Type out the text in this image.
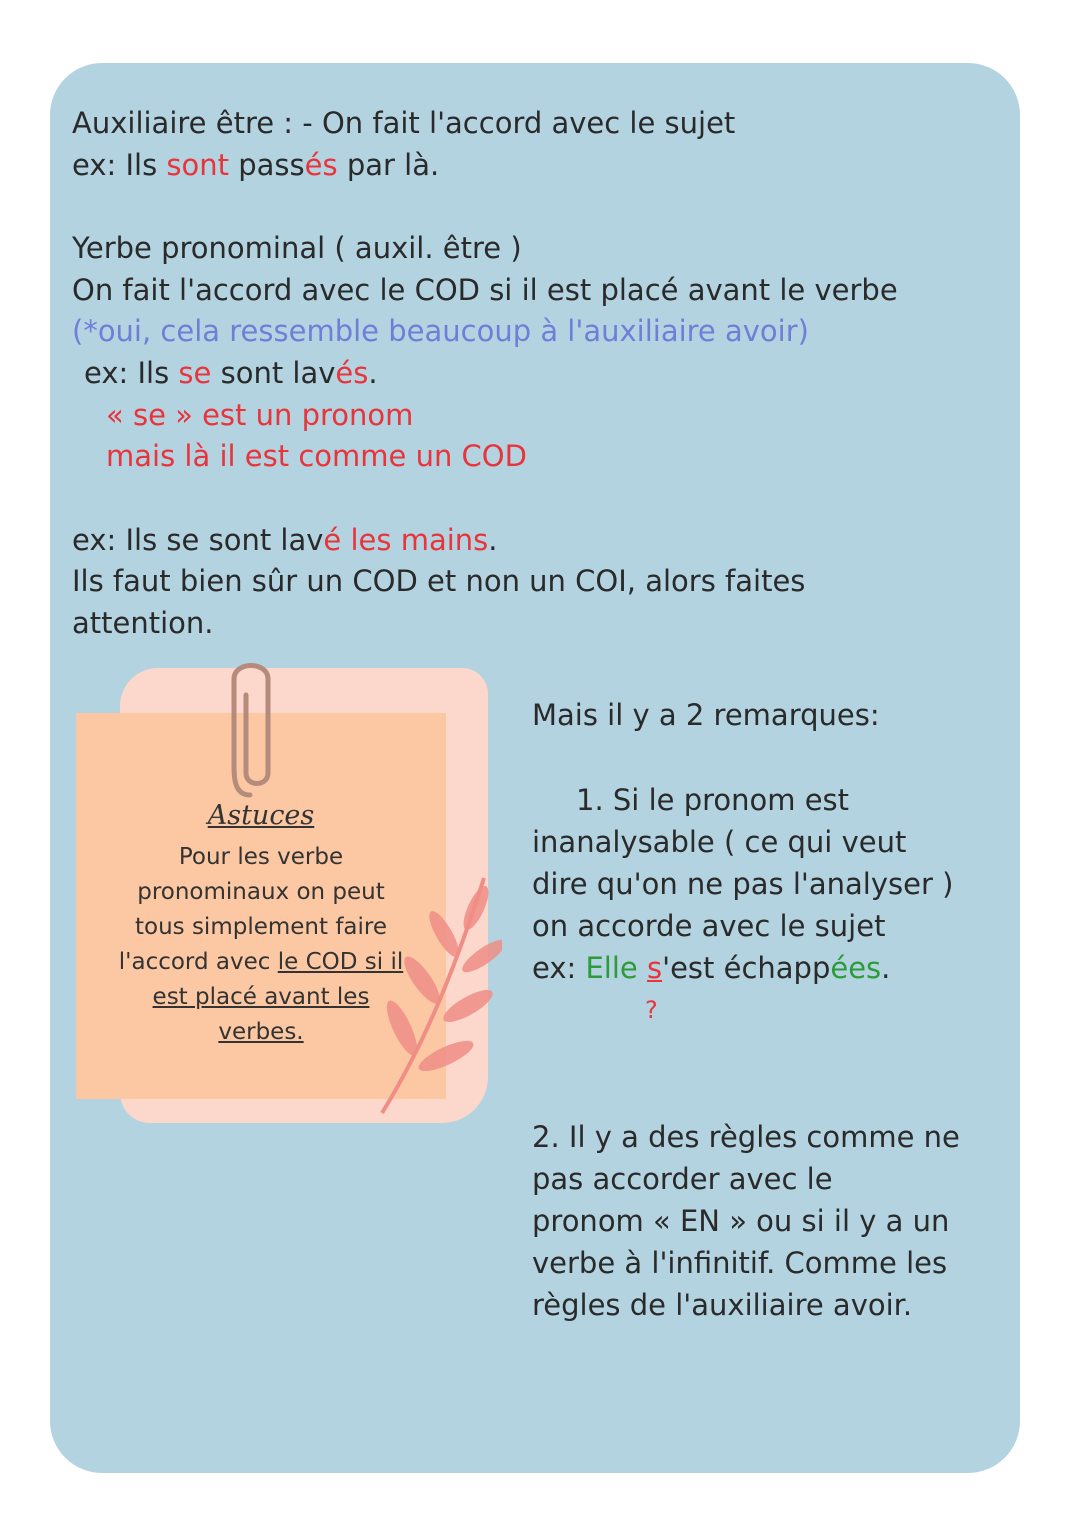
Auxiliaire être : - On fait l'accord avec le sujet
ex: Ils sont passés par là.
Yerbe pronominal ( auxil. être )
On fait l'accord avec le COD si il est placé avant le verbe
(*oui, cela ressemble beaucoup à l'auxiliaire avoir)
ex: Ils se sont lavés.
« se » est un pronom
mais là il est comme un COD
ex: Ils se sont lavé les mains.
Ils faut bien sûr un COD et non un COI, alors faites
attention.
Astuces
Pour les verbe
pronominaux on peut
tous simplement faire
l'accord avec le COD si il
est placé avant les
verbes.
Mais il y a 2 remarques:
1. Si le pronom est
inanalysable ( ce qui veut
dire qu'on ne pas l'analyser )
on accorde avec le sujet
ex: Elle s'est échappées.
?
2. Il y a des règles comme ne
pas accorder avec le
pronom « EN » ou si il y a un
verbe à l'infinitif. Comme les
règles de l'auxiliaire avoir.
